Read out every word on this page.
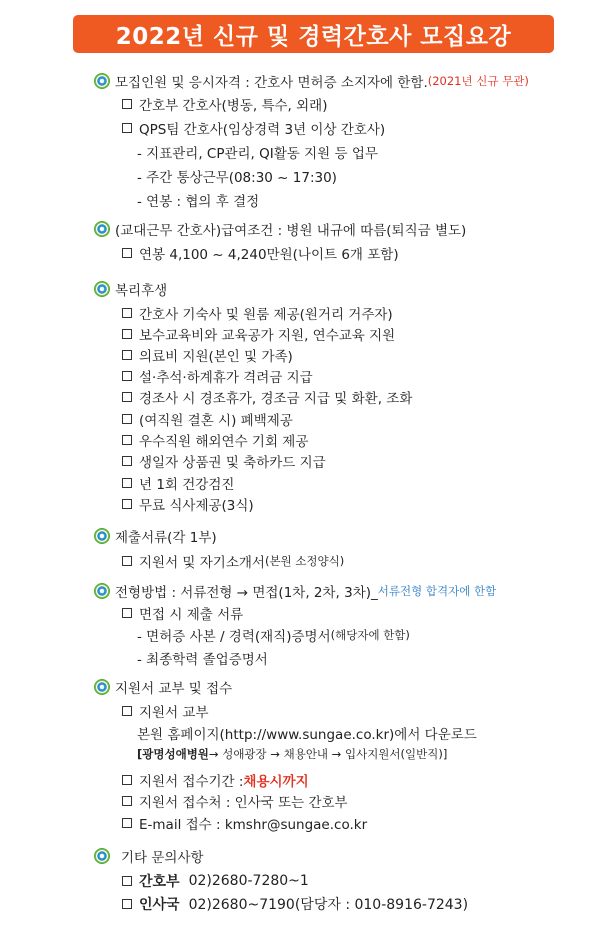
2022년 신규 및 경력간호사 모집요강
모집인원 및 응시자격 : 간호사 면허증 소지자에 한함. (2021년 신규 무관)
간호부 간호사(병동, 특수, 외래)
QPS팀 간호사(임상경력 3년 이상 간호사)
- 지표관리, CP관리, QI활동 지원 등 업무
- 주간 통상근무(08:30 ~ 17:30)
- 연봉 : 협의 후 결정
(교대근무 간호사)급여조건 : 병원 내규에 따름(퇴직금 별도)
연봉 4,100 ~ 4,240만원(나이트 6개 포함)
복리후생
간호사 기숙사 및 원룸 제공(원거리 거주자)
보수교육비와 교육공가 지원, 연수교육 지원
의료비 지원(본인 및 가족)
설·추석·하계휴가 격려금 지급
경조사 시 경조휴가, 경조금 지급 및 화환, 조화
(여직원 결혼 시) 폐백제공
우수직원 해외연수 기회 제공
생일자 상품권 및 축하카드 지급
년 1회 건강검진
무료 식사제공(3식)
제출서류(각 1부)
지원서 및 자기소개서 (본원 소정양식)
전형방법 : 서류전형 → 면접(1차, 2차, 3차)_ 서류전형 합격자에 한함
면접 시 제출 서류
- 면허증 사본 / 경력(재직)증명서 (해당자에 한함)
- 최종학력 졸업증명서
지원서 교부 및 접수
지원서 교부
본원 홈페이지(http://www.sungae.co.kr)에서 다운로드
[광명성애병원 → 성애광장 → 채용안내 → 입사지원서(일반직)]
지원서 접수기간 : 채용시까지
지원서 접수처 : 인사국 또는 간호부
E-mail 접수 : kmshr@sungae.co.kr
기타 문의사항
간호부 02)2680-7280~1
인사국 02)2680~7190(담당자 : 010-8916-7243)
